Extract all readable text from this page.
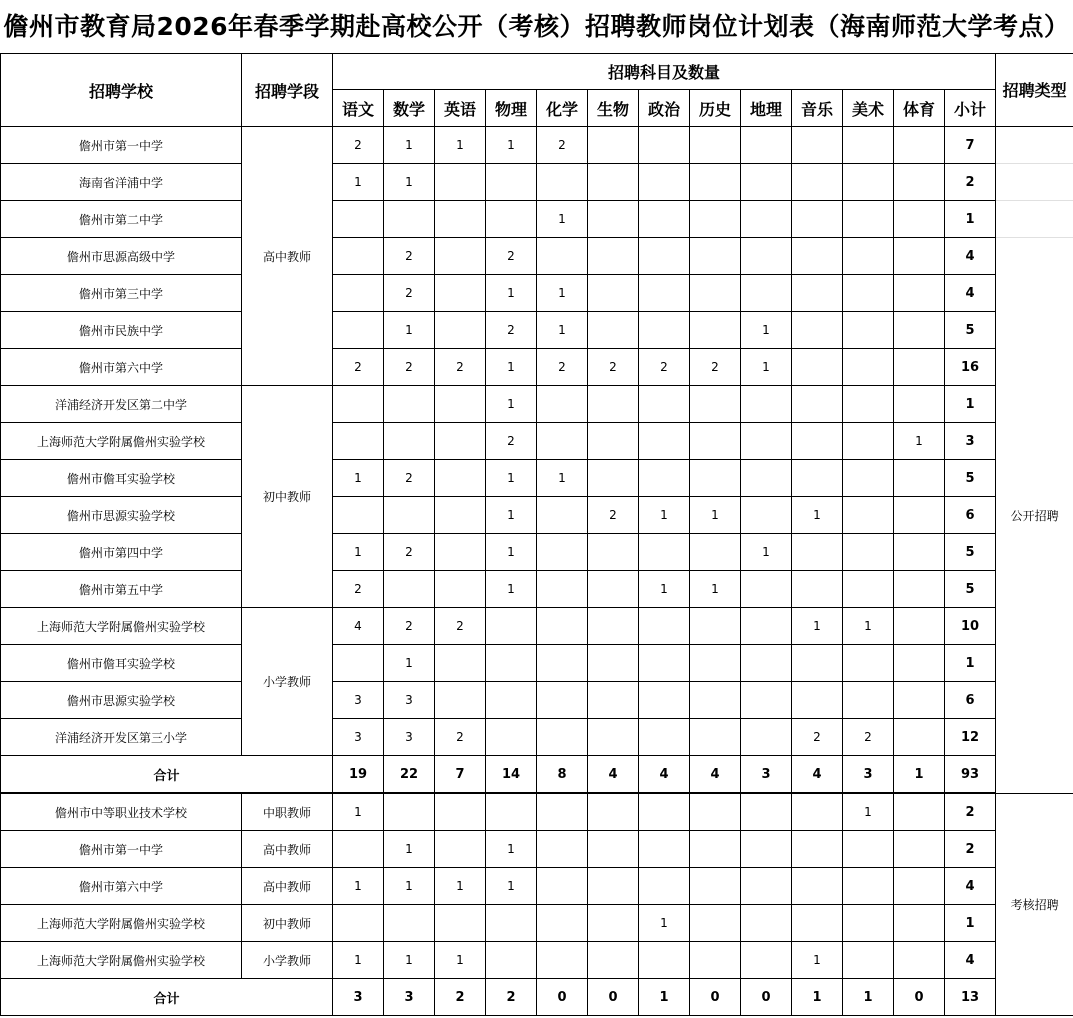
儋州市教育局2026年春季学期赴高校公开（考核）招聘教师岗位计划表（海南师范大学考点）
招聘学校	招聘学段	招聘科目及数量													招聘类型
		语文	数学	英语	物理	化学	生物	政治	历史	地理	音乐	美术	体育	小计	
儋州市第一中学	高中教师	2	1	1	1	2								7	
海南省洋浦中学		1	1											2	
儋州市第二中学						1								1	
儋州市思源高级中学			2		2									4	公开招聘
儋州市第三中学			2		1	1								4	
儋州市民族中学			1		2	1				1				5	
儋州市第六中学		2	2	2	1	2	2	2	2	1				16	
洋浦经济开发区第二中学	初中教师				1									1	
上海师范大学附属儋州实验学校					2								1	3	
儋州市儋耳实验学校		1	2		1	1								5	
儋州市思源实验学校					1		2	1	1		1			6	
儋州市第四中学		1	2		1					1				5	
儋州市第五中学		2			1			1	1					5	
上海师范大学附属儋州实验学校	小学教师	4	2	2							1	1		10	
儋州市儋耳实验学校			1											1	
儋州市思源实验学校		3	3											6	
洋浦经济开发区第三小学		3	3	2							2	2		12	
合计		19	22	7	14	8	4	4	4	3	4	3	1	93	
儋州市中等职业技术学校	中职教师	1										1		2	考核招聘
儋州市第一中学	高中教师		1		1									2	
儋州市第六中学	高中教师	1	1	1	1									4	
上海师范大学附属儋州实验学校	初中教师							1						1	
上海师范大学附属儋州实验学校	小学教师	1	1	1							1			4	
合计		3	3	2	2	0	0	1	0	0	1	1	0	13	
